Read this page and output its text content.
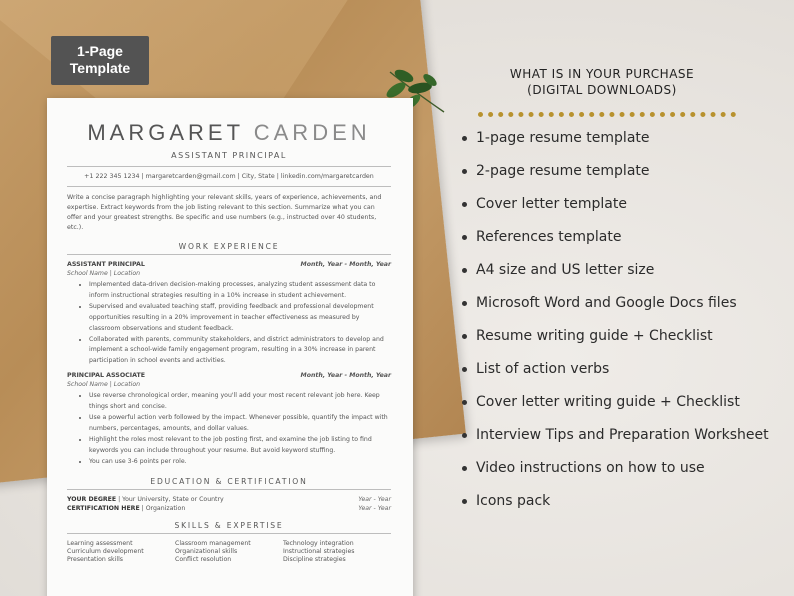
1-Page
Template
MARGARET CARDEN
ASSISTANT PRINCIPAL
+1 222 345 1234 | margaretcarden@gmail.com | City, State | linkedin.com/margaretcarden
Write a concise paragraph highlighting your relevant skills, years of experience, achievements, and expertise. Extract keywords from the job listing relevant to this section. Summarize what you can offer and your greatest strengths. Be specific and use numbers (e.g., instructed over 40 students, etc.).
WORK EXPERIENCE
ASSISTANT PRINCIPAL	Month, Year - Month, Year
School Name | Location
• Implemented data-driven decision-making processes, analyzing student assessment data to inform instructional strategies resulting in a 10% increase in student achievement.
• Supervised and evaluated teaching staff, providing feedback and professional development opportunities resulting in a 20% improvement in teacher effectiveness as measured by classroom observations and student feedback.
• Collaborated with parents, community stakeholders, and district administrators to develop and implement a school-wide family engagement program, resulting in a 30% increase in parent participation in school events and activities.
PRINCIPAL ASSOCIATE	Month, Year - Month, Year
School Name | Location
• Use reverse chronological order, meaning you'll add your most recent relevant job here. Keep things short and concise.
• Use a powerful action verb followed by the impact. Whenever possible, quantify the impact with numbers, percentages, amounts, and dollar values.
• Highlight the roles most relevant to the job posting first, and examine the job listing to find keywords you can include throughout your resume. But avoid keyword stuffing.
• You can use 3-6 points per role.
EDUCATION & CERTIFICATION
YOUR DEGREE | Your University, State or Country	Year - Year
CERTIFICATION HERE | Organization	Year - Year
SKILLS & EXPERTISE
Learning assessment	Classroom management	Technology integration
Curriculum development	Organizational skills	Instructional strategies
Presentation skills	Conflict resolution	Discipline strategies
WHAT IS IN YOUR PURCHASE
(DIGITAL DOWNLOADS)
1-page resume template
2-page resume template
Cover letter template
References template
A4 size and US letter size
Microsoft Word and Google Docs files
Resume writing guide + Checklist
List of action verbs
Cover letter writing guide + Checklist
Interview Tips and Preparation Worksheet
Video instructions on how to use
Icons pack
